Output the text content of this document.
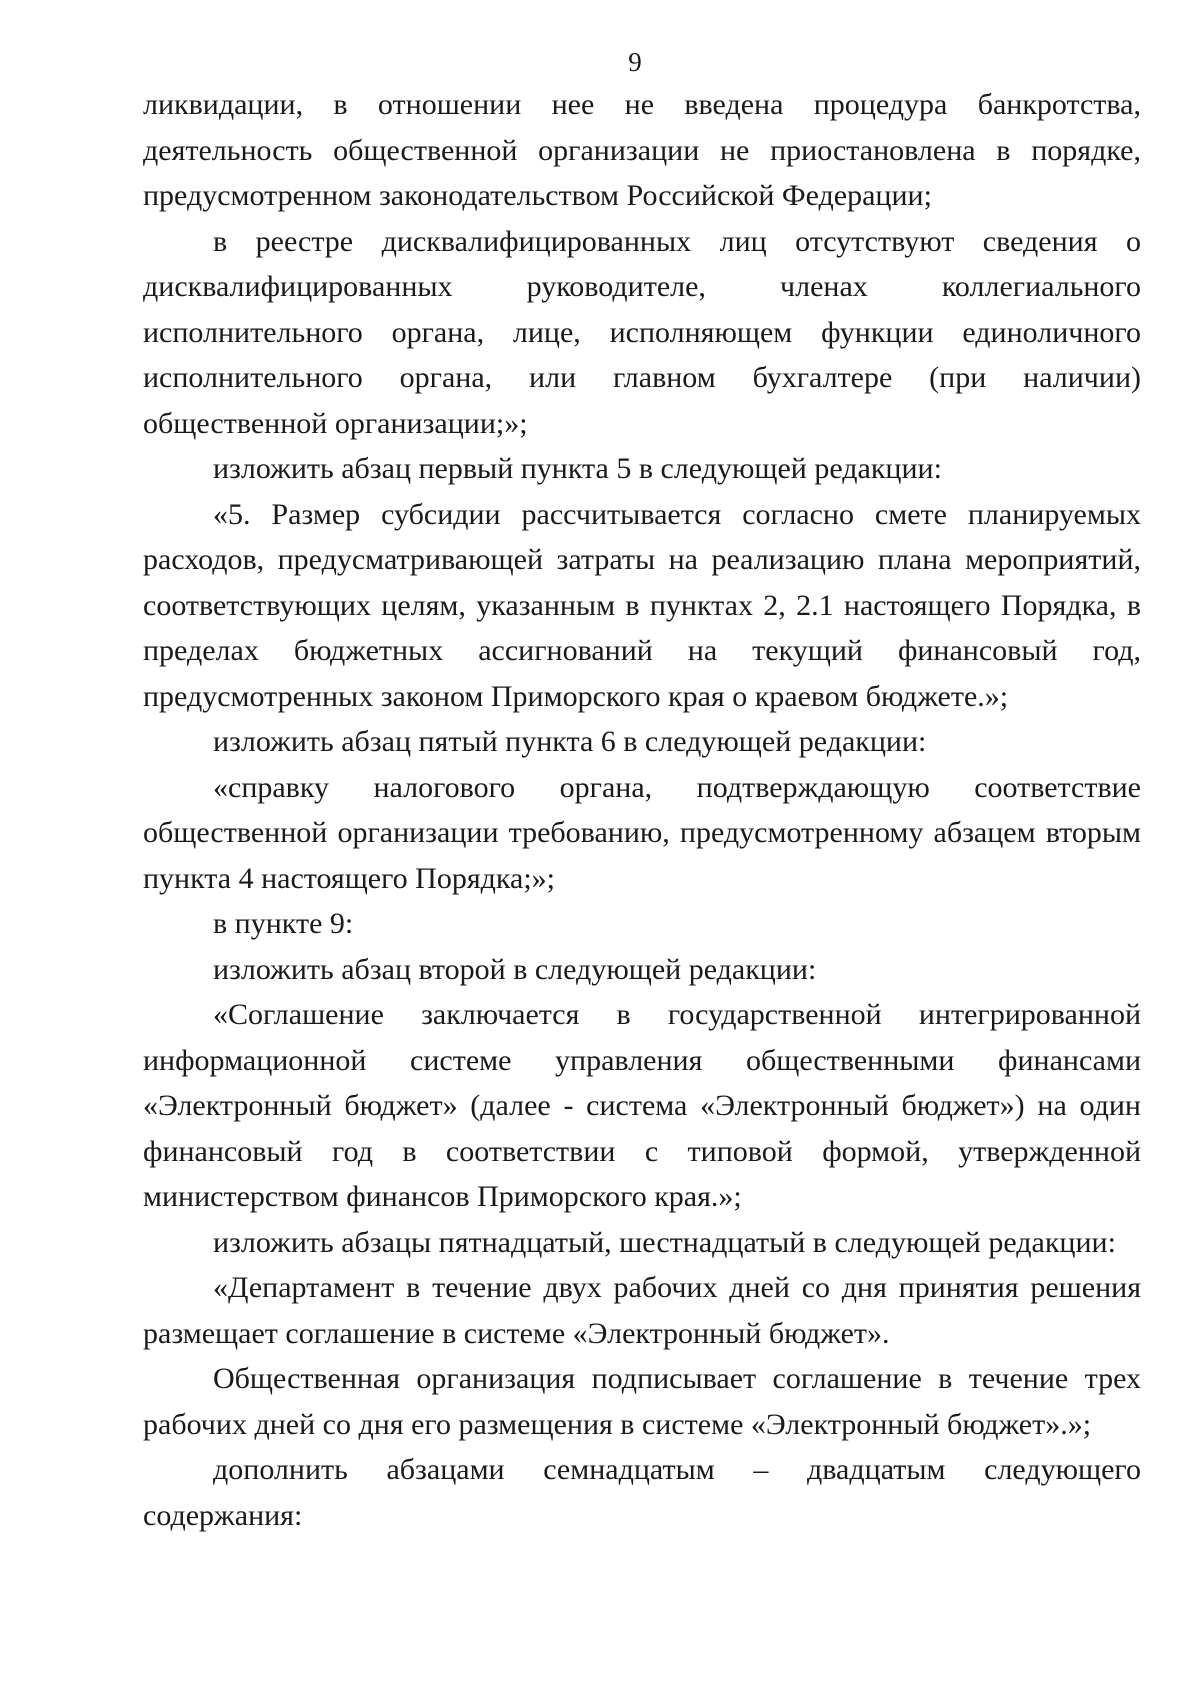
9

ликвидации, в отношении нее не введена процедура банкротства, деятельность общественной организации не приостановлена в порядке, предусмотренном законодательством Российской Федерации;

в реестре дисквалифицированных лиц отсутствуют сведения о дисквалифицированных руководителе, членах коллегиального исполнительного органа, лице, исполняющем функции единоличного исполнительного органа, или главном бухгалтере (при наличии) общественной организации;»;

изложить абзац первый пункта 5 в следующей редакции:

«5. Размер субсидии рассчитывается согласно смете планируемых расходов, предусматривающей затраты на реализацию плана мероприятий, соответствующих целям, указанным в пунктах 2, 2.1 настоящего Порядка, в пределах бюджетных ассигнований на текущий финансовый год, предусмотренных законом Приморского края о краевом бюджете.»;

изложить абзац пятый пункта 6 в следующей редакции:

«справку налогового органа, подтверждающую соответствие общественной организации требованию, предусмотренному абзацем вторым пункта 4 настоящего Порядка;»;

в пункте 9:

изложить абзац второй в следующей редакции:

«Соглашение заключается в государственной интегрированной информационной системе управления общественными финансами «Электронный бюджет» (далее - система «Электронный бюджет») на один финансовый год в соответствии с типовой формой, утвержденной министерством финансов Приморского края.»;

изложить абзацы пятнадцатый, шестнадцатый в следующей редакции:

«Департамент в течение двух рабочих дней со дня принятия решения размещает соглашение в системе «Электронный бюджет».

Общественная организация подписывает соглашение в течение трех рабочих дней со дня его размещения в системе «Электронный бюджет».»;

дополнить абзацами семнадцатым – двадцатым следующего содержания:
